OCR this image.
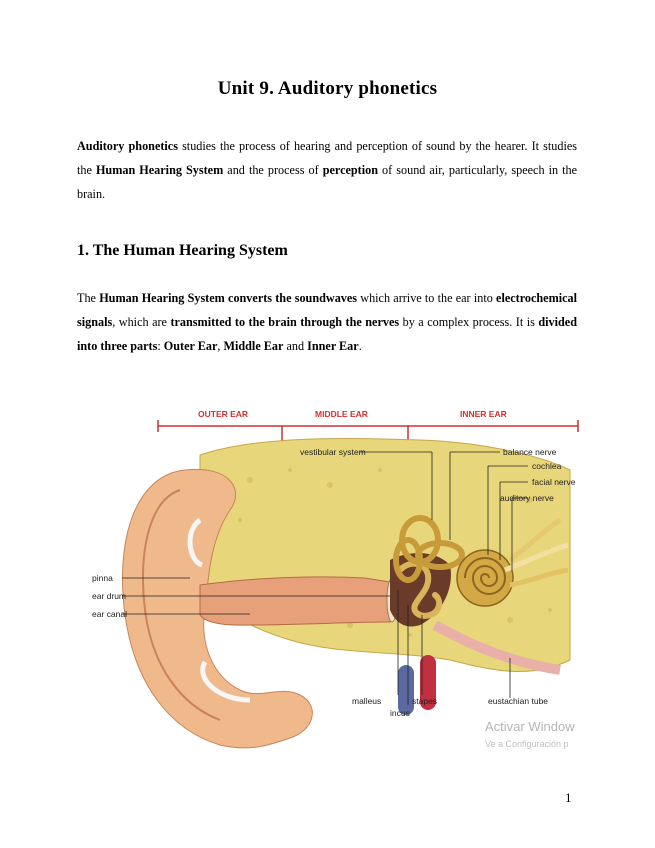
Unit 9. Auditory phonetics
Auditory phonetics studies the process of hearing and perception of sound by the hearer. It studies the Human Hearing System and the process of perception of sound air, particularly, speech in the brain.
1. The Human Hearing System
The Human Hearing System converts the soundwaves which arrive to the ear into electrochemical signals, which are transmitted to the brain through the nerves by a complex process. It is divided into three parts: Outer Ear, Middle Ear and Inner Ear.
OUTER EAR	MIDDLE EAR	INNER EAR
vestibular system	balance nerve
cochlea
facial nerve
auditory nerve
pinna
ear drum
ear canal
malleus
incus
stapes	eustachian tube
Activar Window
Ve a Configuración p
1
